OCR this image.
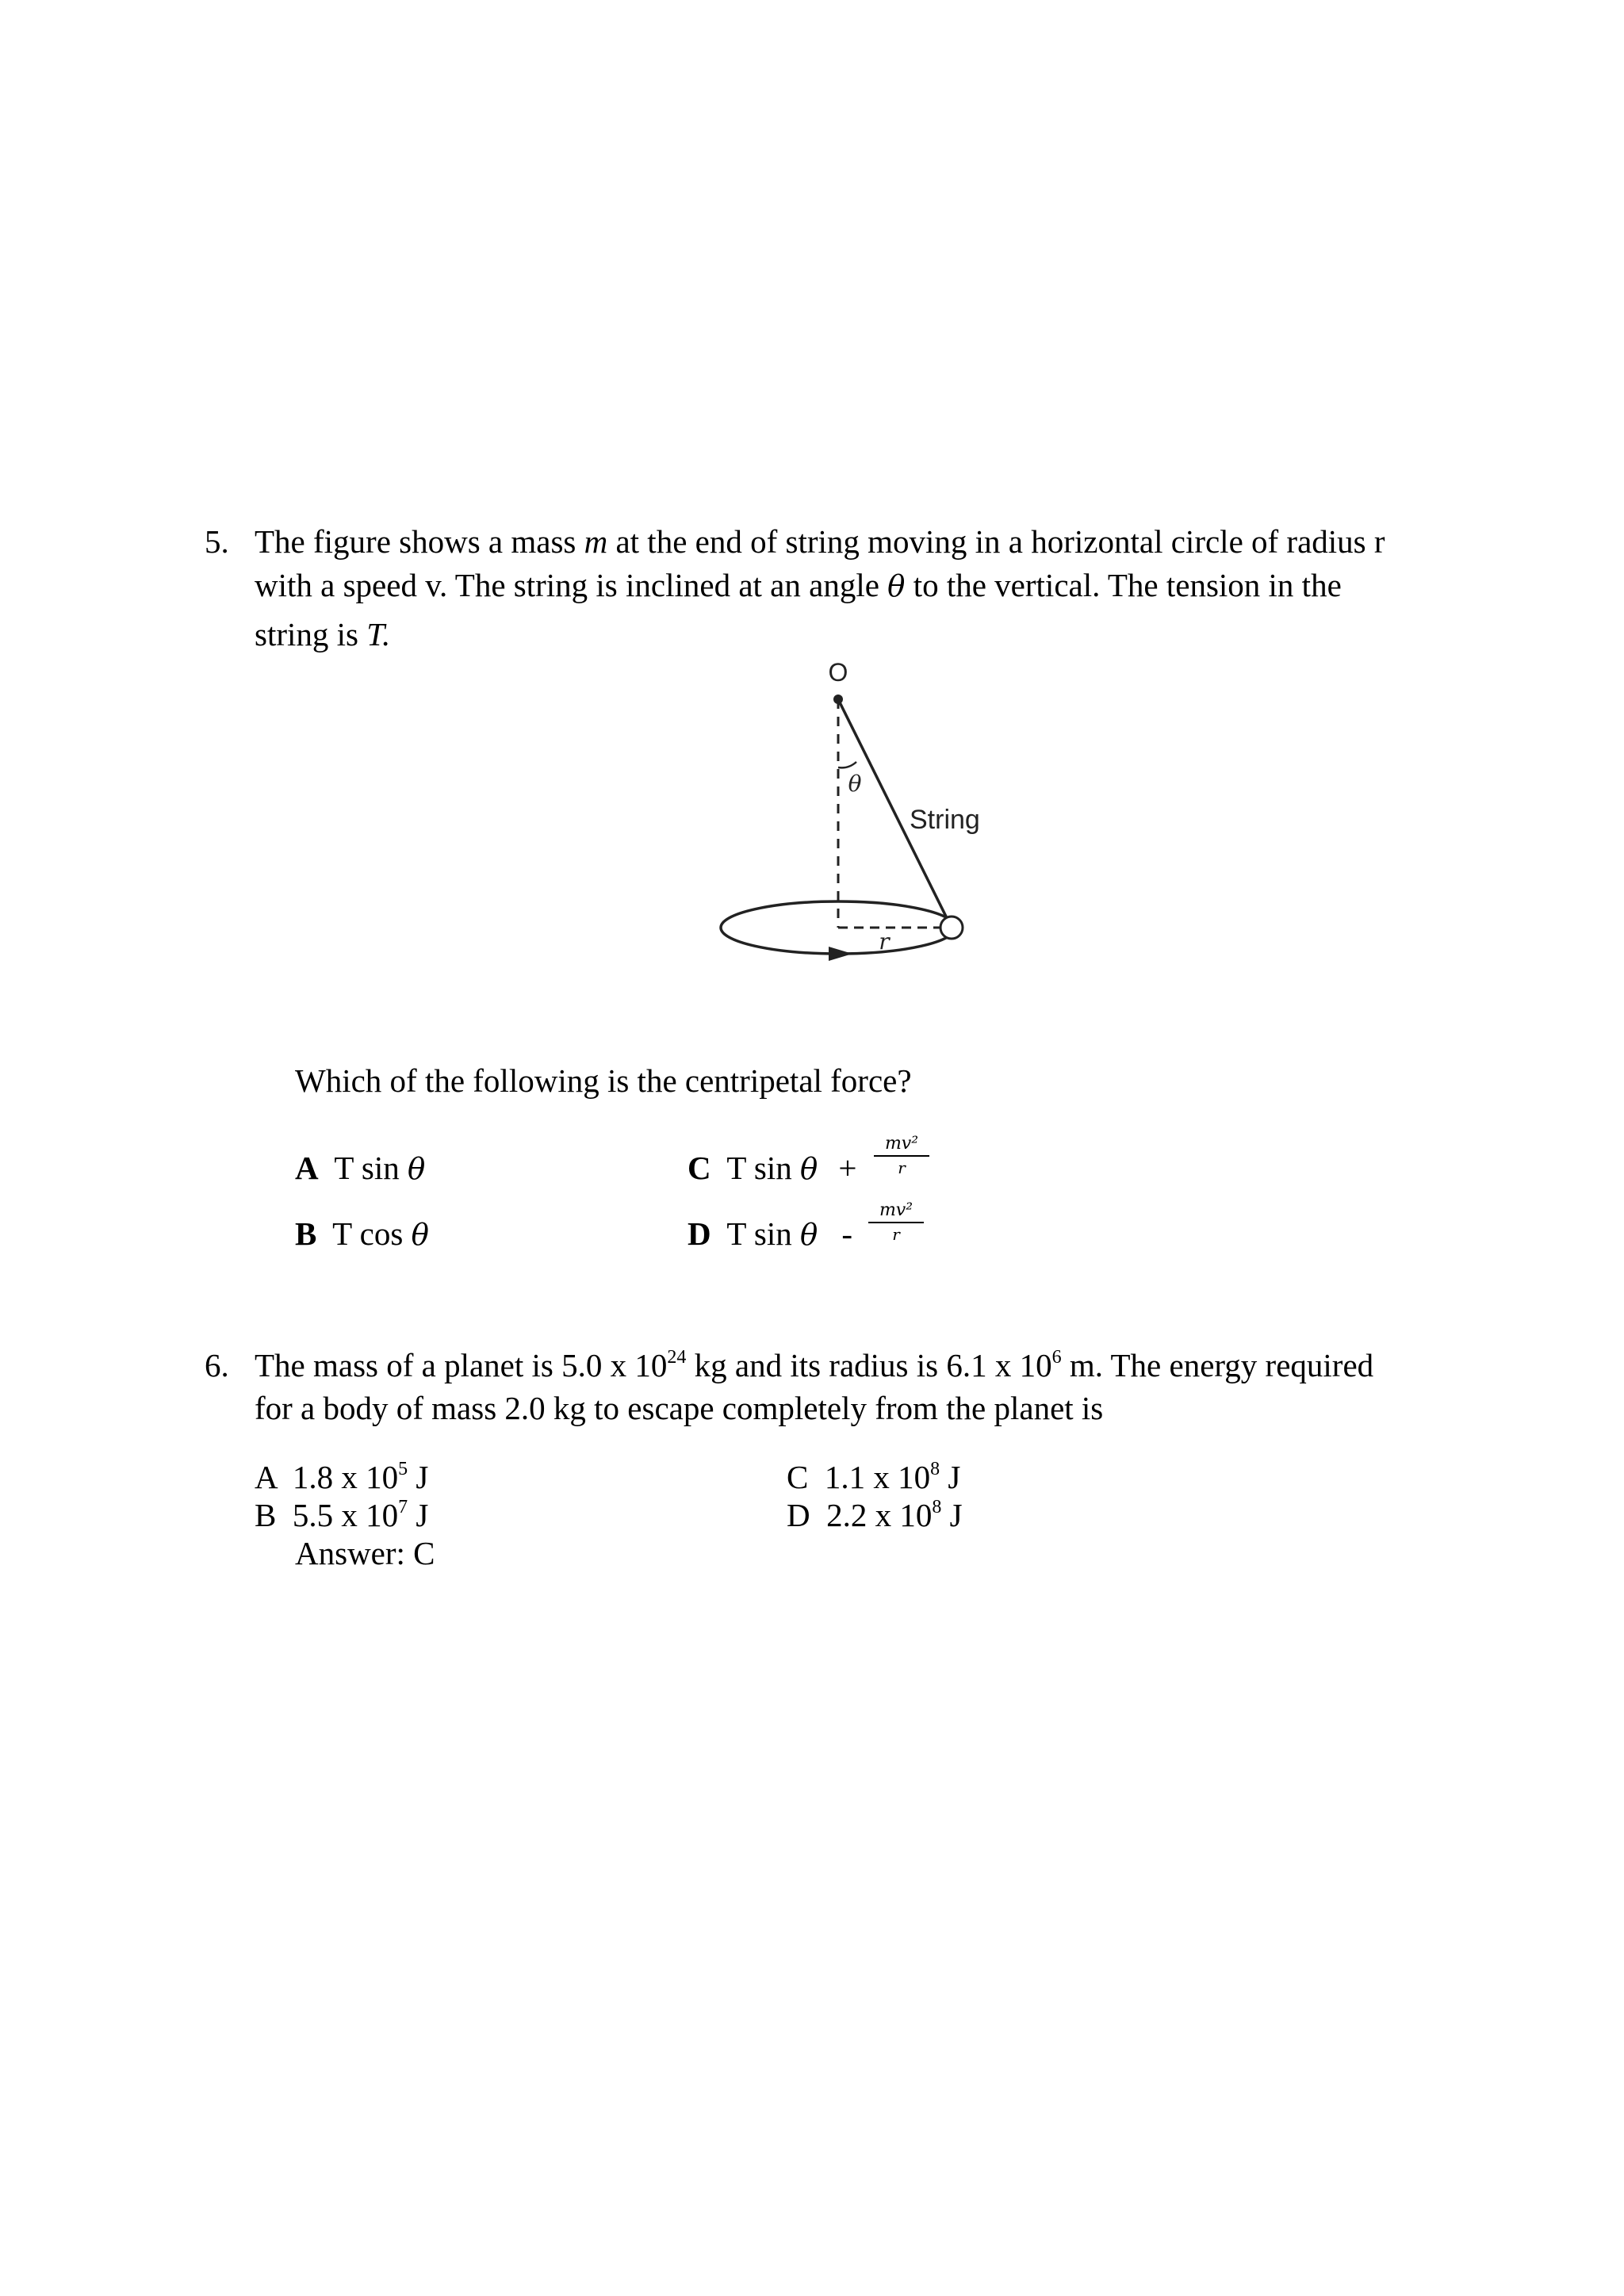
5. The figure shows a mass m at the end of string moving in a horizontal circle of radius r
with a speed v. The string is inclined at an angle θ to the vertical. The tension in the
string is T.
O
θ
String
r
Which of the following is the centripetal force?
A T sin θ
B T cos θ
C T sin θ +
mv²
r
D T sin θ -
mv²
r
6. The mass of a planet is 5.0 x $10^{24}$ kg and its radius is 6.1 x $10^6$ m. The energy required
for a body of mass 2.0 kg to escape completely from the planet is
A  1.8 x $10^5$ J
B  5.5 x $10^7$ J
C  1.1 x $10^8$ J
D  2.2 x $10^8$ J
Answer: C
